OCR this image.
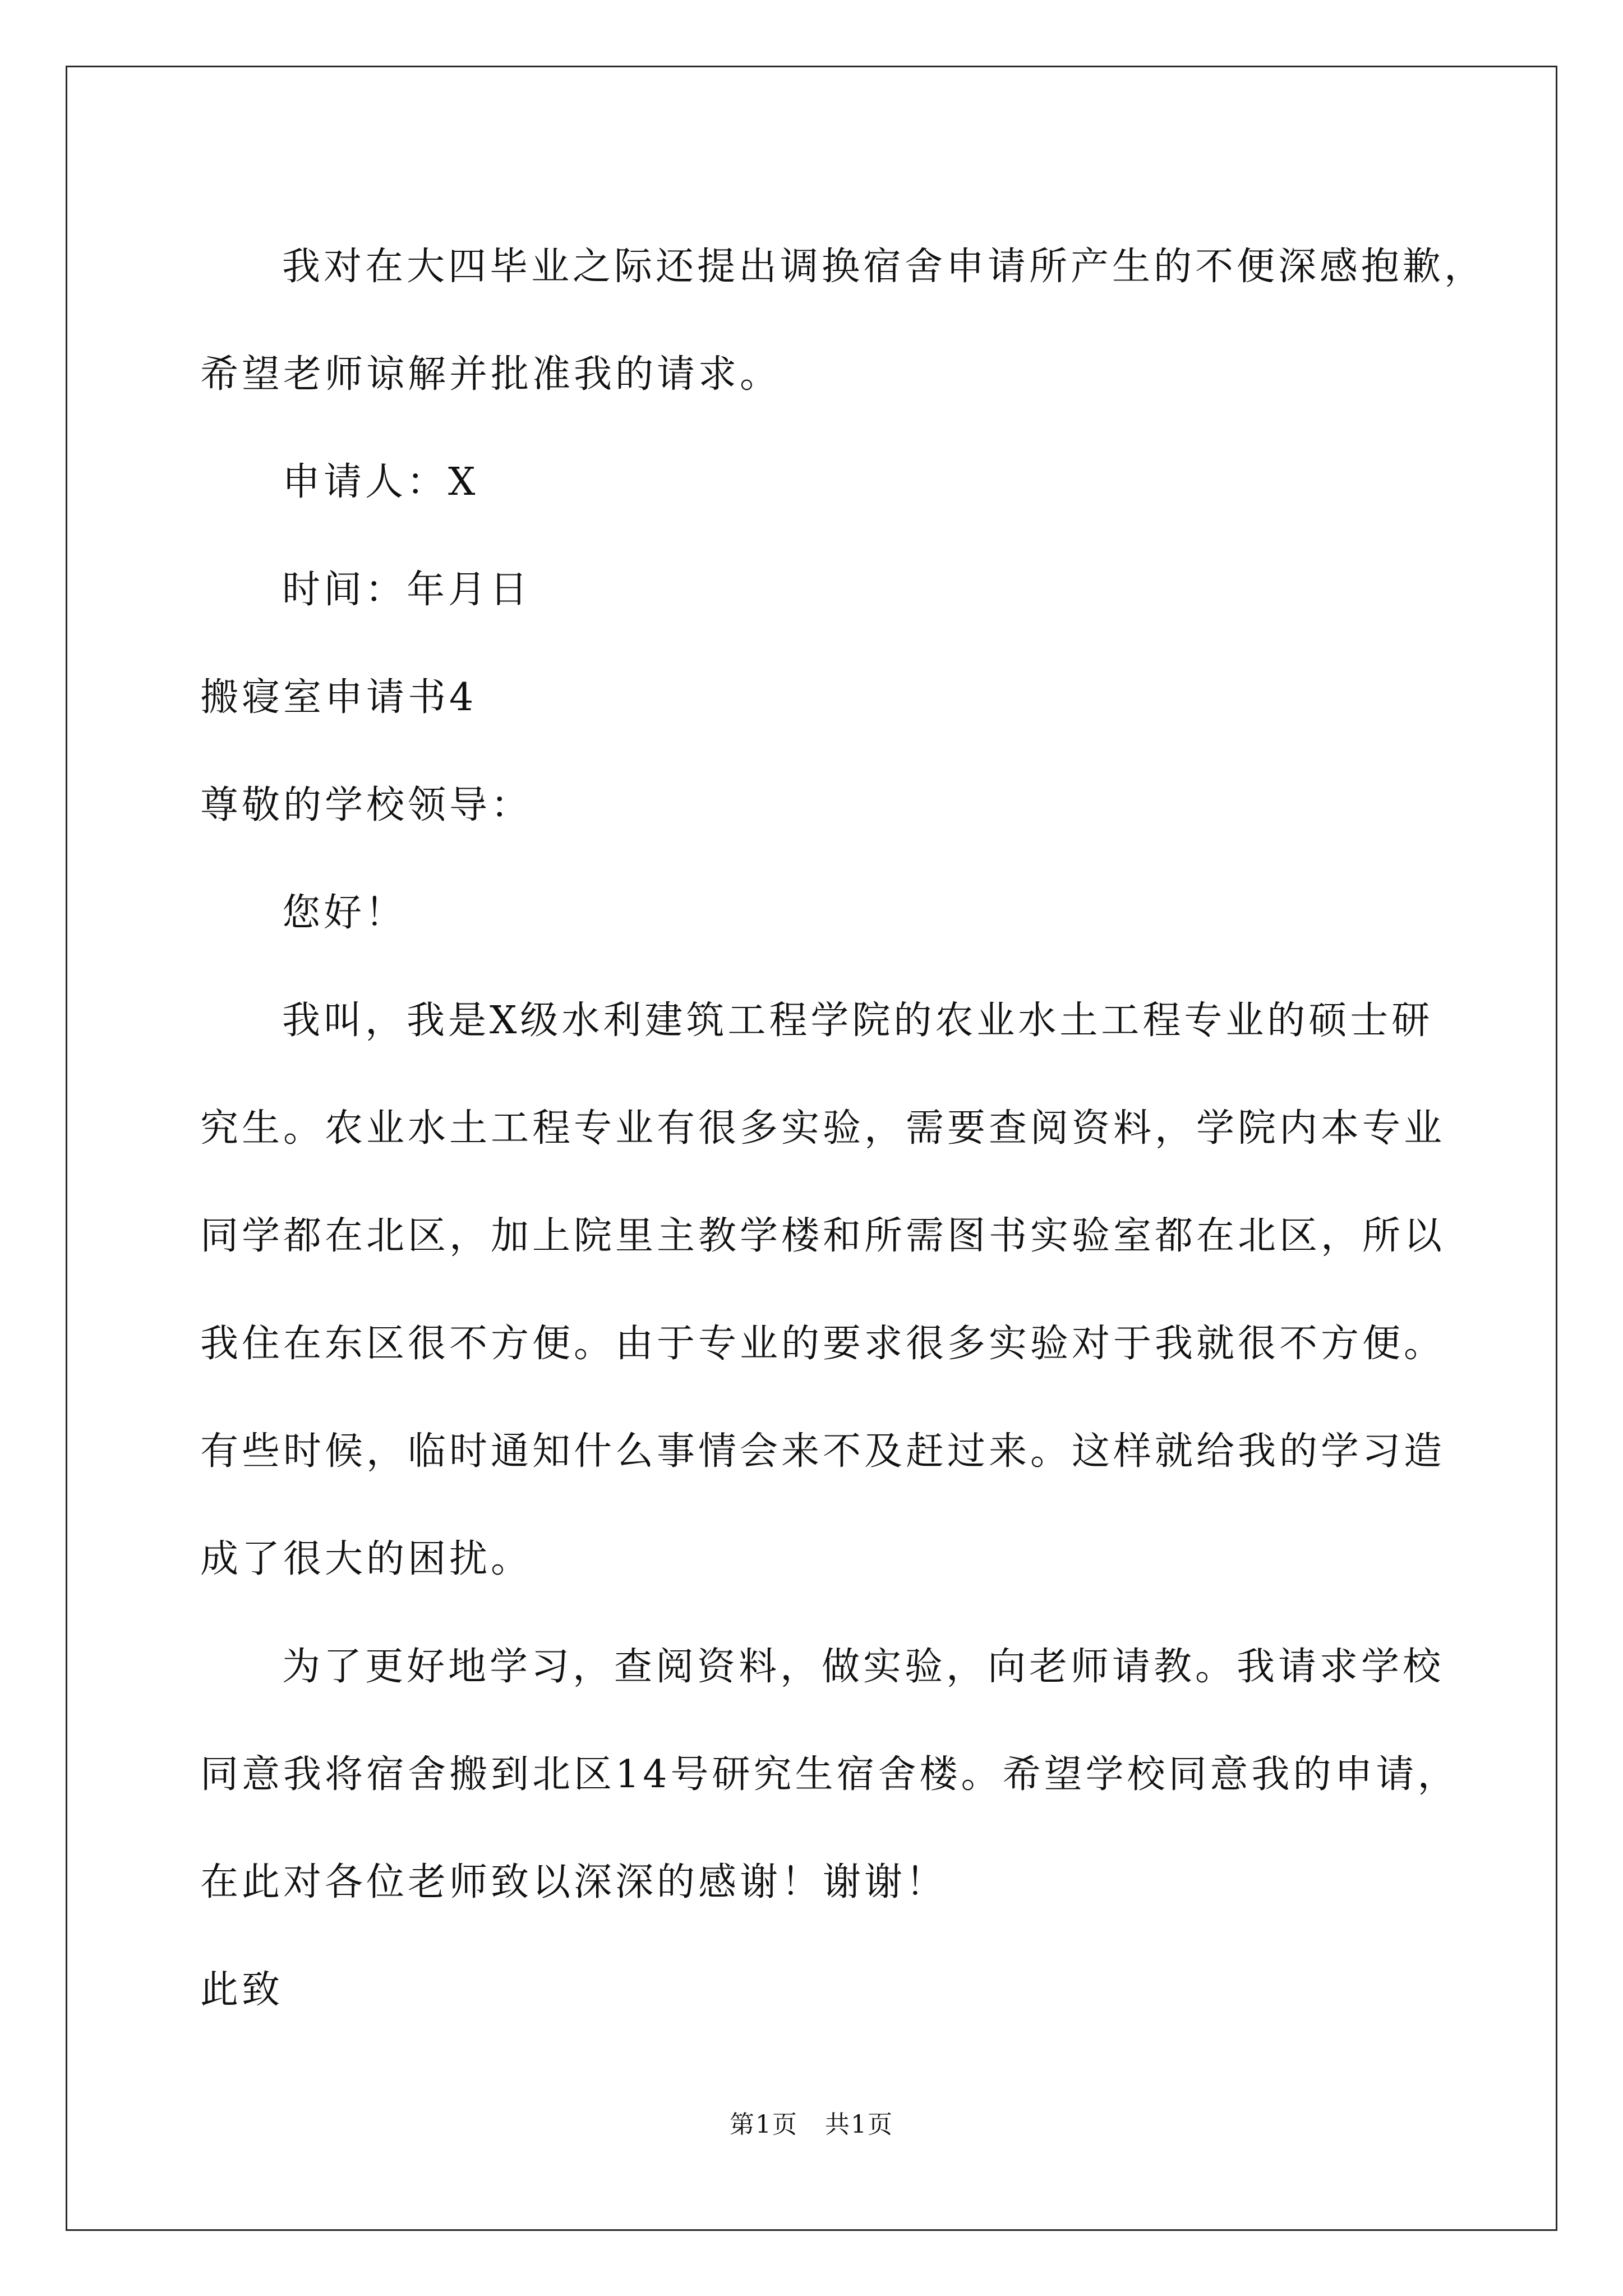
我对在大四毕业之际还提出调换宿舍申请所产生的不便深感抱歉，
希望老师谅解并批准我的请求。
申请人：X
时间：年月日
搬寝室申请书4
尊敬的学校领导：
您好！
我叫，我是X级水利建筑工程学院的农业水土工程专业的硕士研
究生。农业水土工程专业有很多实验，需要查阅资料，学院内本专业
同学都在北区，加上院里主教学楼和所需图书实验室都在北区，所以
我住在东区很不方便。由于专业的要求很多实验对于我就很不方便。
有些时候，临时通知什么事情会来不及赶过来。这样就给我的学习造
成了很大的困扰。
为了更好地学习，查阅资料，做实验，向老师请教。我请求学校
同意我将宿舍搬到北区14号研究生宿舍楼。希望学校同意我的申请，
在此对各位老师致以深深的感谢！谢谢！
此致
第1页 共1页
